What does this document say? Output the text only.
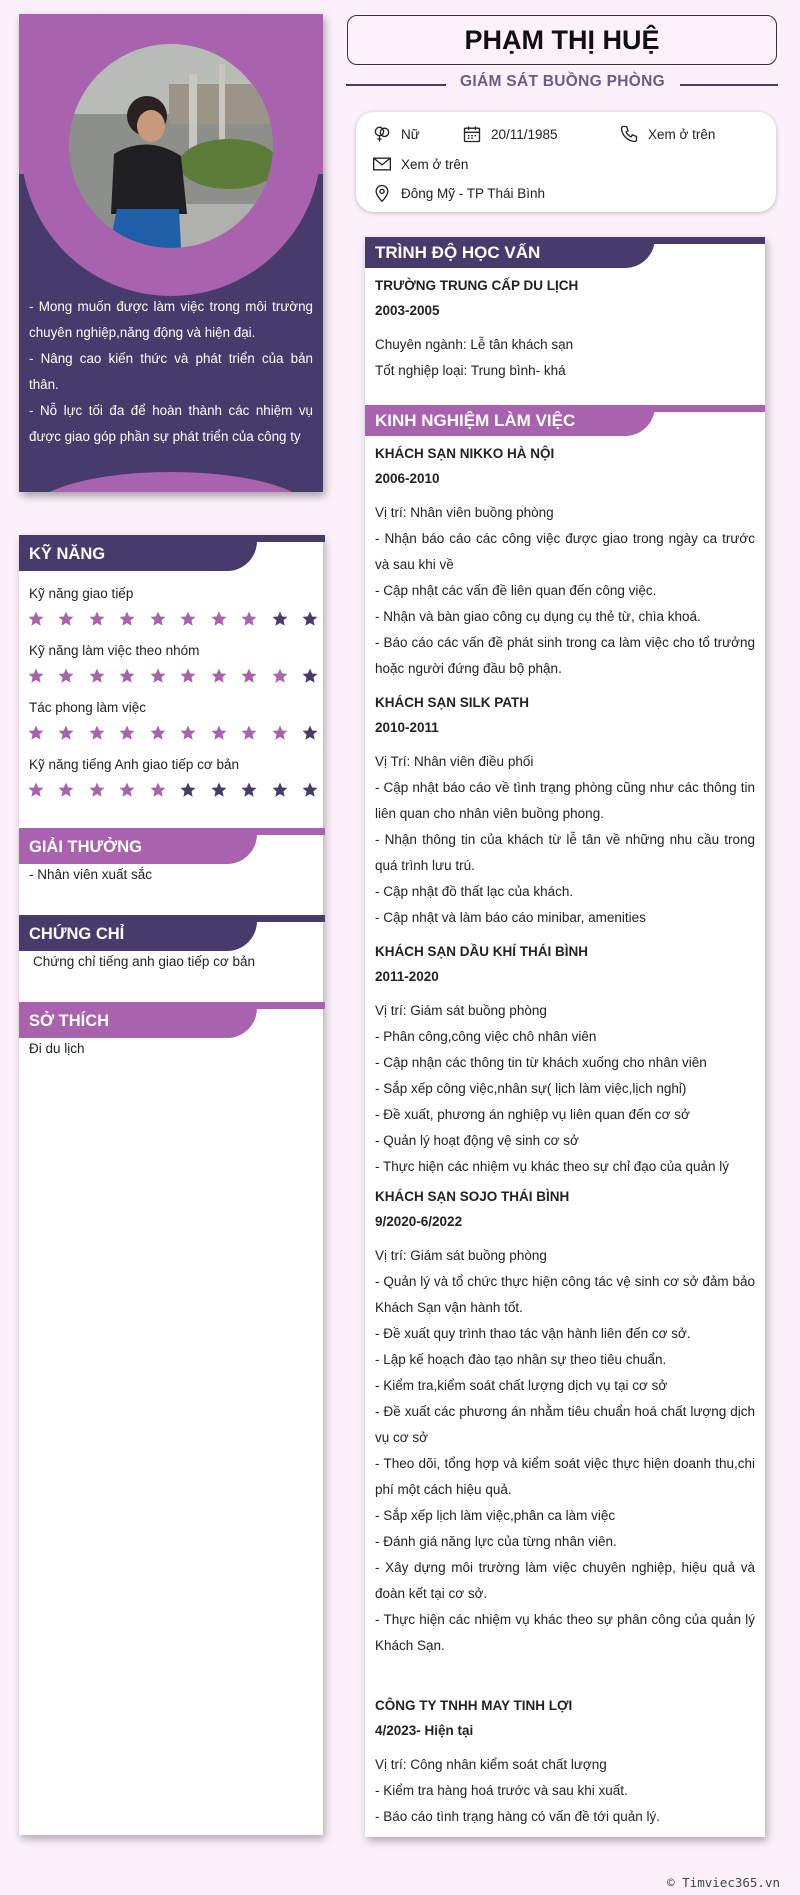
- Mong muốn được làm việc trong môi trường chuyên nghiệp,năng động và hiện đại.

- Nâng cao kiến thức và phát triển của bản thân.

- Nỗ lực tối đa để hoàn thành các nhiệm vụ được giao góp phần sự phát triển của công ty

KỸ NĂNG
Kỹ năng giao tiếp
Kỹ năng làm việc theo nhóm
Tác phong làm việc
Kỹ năng tiếng Anh giao tiếp cơ bản
GIẢI THƯỞNG
- Nhân viên xuất sắc
CHỨNG CHỈ
Chứng chỉ tiếng anh giao tiếp cơ bản
SỞ THÍCH
Đi du lịch
PHẠM THỊ HUỆ
GIÁM SÁT BUỒNG PHÒNG
Nữ	20/11/1985	Xem ở trên
Xem ở trên
Đông Mỹ - TP Thái Bình
TRÌNH ĐỘ HỌC VẤN
TRƯỜNG TRUNG CẤP DU LỊCH
2003-2005
Chuyên ngành: Lễ tân khách sạn
Tốt nghiệp loại: Trung bình- khá
KINH NGHIỆM LÀM VIỆC
KHÁCH SẠN NIKKO HÀ NỘI
2006-2010
Vị trí: Nhân viên buồng phòng
- Nhận báo cáo các công việc được giao trong ngày ca trước và sau khi về
- Cập nhật các vấn đề liên quan đến công việc.
- Nhận và bàn giao công cụ dụng cụ thẻ từ, chìa khoá.
- Báo cáo các vấn đề phát sinh trong ca làm việc cho tổ trưởng hoặc người đứng đầu bộ phận.
KHÁCH SẠN SILK PATH
2010-2011
Vị Trí: Nhân viên điều phối
- Cập nhật báo cáo về tình trạng phòng cũng như các thông tin liên quan cho nhân viên buồng phong.
- Nhận thông tin của khách từ lễ tân về những nhu cầu trong quá trình lưu trú.
- Cập nhật đồ thất lạc của khách.
- Cập nhật và làm báo cáo minibar, amenities
KHÁCH SẠN DẦU KHÍ THÁI BÌNH
2011-2020
Vị trí: Giám sát buồng phòng
- Phân công,công việc chô nhân viên
- Cập nhận các thông tin từ khách xuống cho nhân viên
- Sắp xếp công việc,nhân sự( lịch làm việc,lịch nghỉ)
- Đề xuất, phương án nghiệp vụ liên quan đến cơ sở
- Quản lý hoạt động vệ sinh cơ sở
- Thực hiện các nhiệm vụ khác theo sự chỉ đạo của quản lý
KHÁCH SẠN SOJO THÁI BÌNH
9/2020-6/2022
Vị trí: Giám sát buồng phòng
- Quản lý và tổ chức thực hiện công tác vệ sinh cơ sở đảm bảo Khách Sạn vận hành tốt.
- Đề xuất quy trình thao tác vận hành liên đến cơ sở.
- Lập kế hoạch đào tạo nhân sự theo tiêu chuẩn.
- Kiểm tra,kiểm soát chất lượng dịch vụ tại cơ sở
- Đề xuất các phương án nhằm tiêu chuẩn hoá chất lượng dịch vụ cơ sở
- Theo dõi, tổng hợp và kiểm soát việc thực hiện doanh thu,chi phí một cách hiệu quả.
- Sắp xếp lịch làm việc,phân ca làm việc
- Đánh giá năng lực của từng nhân viên.
- Xây dựng môi trường làm việc chuyên nghiệp, hiệu quả và đoàn kết tại cơ sở.
- Thực hiện các nhiệm vụ khác theo sự phân công của quản lý Khách Sạn.
CÔNG TY TNHH MAY TINH LỢI
4/2023- Hiện tại
Vị trí: Công nhân kiểm soát chất lượng
- Kiểm tra hàng hoá trước và sau khi xuất.
- Báo cáo tình trạng hàng có vấn đề tới quản lý.
© Timviec365.vn
